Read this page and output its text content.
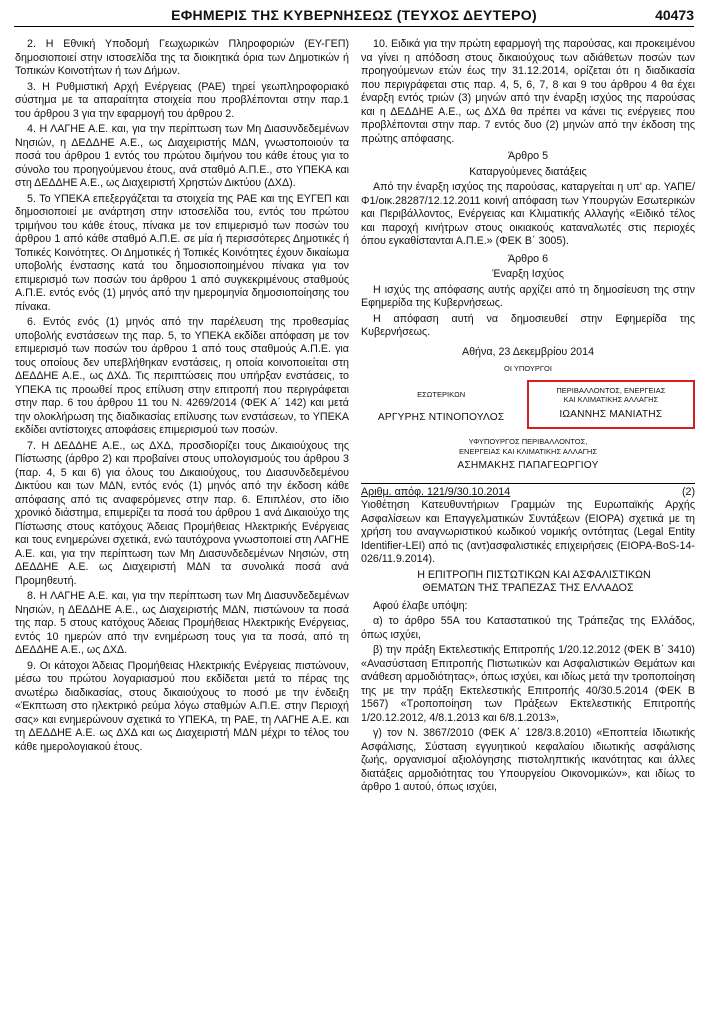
ΕΦΗΜΕΡΙΣ ΤΗΣ ΚΥΒΕΡΝΗΣΕΩΣ (ΤΕΥΧΟΣ ΔΕΥΤΕΡΟ)	40473

2. Η Εθνική Υποδομή Γεωχωρικών Πληροφοριών (ΕΥ-ΓΕΠ) δημοσιοποιεί στην ιστοσελίδα της τα διοικητικά όρια των Δημοτικών ή Τοπικών Κοινοτήτων ή των Δήμων.

3. Η Ρυθμιστική Αρχή Ενέργειας (ΡΑΕ) τηρεί γεωπληροφοριακό σύστημα με τα απαραίτητα στοιχεία που προβλέπονται στην παρ.1 του άρθρου 3 για την εφαρμογή του άρθρου 2.

4. Η ΛΑΓΗΕ Α.Ε. και, για την περίπτωση των Μη Διασυνδεδεμένων Νησιών, η ΔΕΔΔΗΕ Α.Ε., ως Διαχειριστής ΜΔΝ, γνωστοποιούν τα ποσά του άρθρου 1 εντός του πρώτου διμήνου του κάθε έτους για το σύνολο του προηγούμενου έτους, ανά σταθμό Α.Π.Ε., στο ΥΠΕΚΑ και στη ΔΕΔΔΗΕ Α.Ε., ως Διαχειριστή Χρηστών Δικτύου (ΔΧΔ).

5. Το ΥΠΕΚΑ επεξεργάζεται τα στοιχεία της ΡΑΕ και της ΕΥΓΕΠ και δημοσιοποιεί με ανάρτηση στην ιστοσελίδα του, εντός του πρώτου τριμήνου του κάθε έτους, πίνακα με τον επιμερισμό των ποσών του άρθρου 1 από κάθε σταθμό Α.Π.Ε. σε μία ή περισσότερες Δημοτικές ή Τοπικές Κοινότητες. Οι Δημοτικές ή Τοπικές Κοινότητες έχουν δικαίωμα υποβολής ένστασης κατά του δημοσιοποιημένου πίνακα για τον επιμερισμό των ποσών του άρθρου 1 από συγκεκριμένους σταθμούς Α.Π.Ε. εντός ενός (1) μηνός από την ημερομηνία δημοσιοποίησης του πίνακα.

6. Εντός ενός (1) μηνός από την παρέλευση της προθεσμίας υποβολής ενστάσεων της παρ. 5, το ΥΠΕΚΑ εκδίδει απόφαση με τον επιμερισμό των ποσών του άρθρου 1 από τους σταθμούς Α.Π.Ε. για τους οποίους δεν υπεβλήθηκαν ενστάσεις, η οποία κοινοποιείται στη ΔΕΔΔΗΕ Α.Ε., ως ΔΧΔ. Τις περιπτώσεις που υπήρξαν ενστάσεις, το ΥΠΕΚΑ τις προωθεί προς επίλυση στην επιτροπή που περιγράφεται στην παρ. 6 του άρθρου 11 του Ν. 4269/2014 (ΦΕΚ Α΄ 142) και μετά την ολοκλήρωση της διαδικασίας επίλυσης των ενστάσεων, το ΥΠΕΚΑ εκδίδει αντίστοιχες αποφάσεις επιμερισμού των ποσών.

7. Η ΔΕΔΔΗΕ Α.Ε., ως ΔΧΔ, προσδιορίζει τους Δικαιούχους της Πίστωσης (άρθρο 2) και προβαίνει στους υπολογισμούς του άρθρου 3 (παρ. 4, 5 και 6) για όλους του Δικαιούχους, του Διασυνδεδεμένου Δικτύου και των ΜΔΝ, εντός ενός (1) μηνός από την έκδοση κάθε απόφασης από τις αναφερόμενες στην παρ. 6. Επιπλέον, στο ίδιο χρονικό διάστημα, επιμερίζει τα ποσά του άρθρου 1 ανά Δικαιούχο της Πίστωσης στους κατόχους Άδειας Προμήθειας Ηλεκτρικής Ενέργειας και τους ενημερώνει σχετικά, ενώ ταυτόχρονα γνωστοποιεί στη ΛΑΓΗΕ Α.Ε. και, για την περίπτωση των Μη Διασυνδεδεμένων Νησιών, στη ΔΕΔΔΗΕ Α.Ε. ως Διαχειριστή ΜΔΝ τα συνολικά ποσά ανά Προμηθευτή.

8. Η ΛΑΓΗΕ Α.Ε. και, για την περίπτωση των Μη Διασυνδεδεμένων Νησιών, η ΔΕΔΔΗΕ Α.Ε., ως Διαχειριστής ΜΔΝ, πιστώνουν τα ποσά της παρ. 5 στους κατόχους Άδειας Προμήθειας Ηλεκτρικής Ενέργειας, εντός 10 ημερών από την ενημέρωση τους για τα ποσά, από τη ΔΕΔΔΗΕ Α.Ε., ως ΔΧΔ.

9. Οι κάτοχοι Άδειας Προμήθειας Ηλεκτρικής Ενέργειας πιστώνουν, μέσω του πρώτου λογαριασμού που εκδίδεται μετά το πέρας της ανωτέρω διαδικασίας, στους δικαιούχους το ποσό με την ένδειξη «Έκπτωση στο ηλεκτρικό ρεύμα λόγω σταθμών Α.Π.Ε. στην Περιοχή σας» και ενημερώνουν σχετικά το ΥΠΕΚΑ, τη ΡΑΕ, τη ΛΑΓΗΕ Α.Ε. και τη ΔΕΔΔΗΕ Α.Ε. ως ΔΧΔ και ως Διαχειριστή ΜΔΝ μέχρι το τέλος του κάθε ημερολογιακού έτους.

10. Ειδικά για την πρώτη εφαρμογή της παρούσας, και προκειμένου να γίνει η απόδοση στους δικαιούχους των αδιάθετων ποσών των προηγούμενων ετών έως την 31.12.2014, ορίζεται ότι η διαδικασία που περιγράφεται στις παρ. 4, 5, 6, 7, 8 και 9 του άρθρου 4 θα έχει έναρξη εντός τριών (3) μηνών από την έναρξη ισχύος της παρούσας και η ΔΕΔΔΗΕ Α.Ε., ως ΔΧΔ θα πρέπει να κάνει τις ενέργειες που προβλέπονται στην παρ. 7 εντός δυο (2) μηνών από την έκδοση της πρώτης απόφασης.

Άρθρο 5

Καταργούμενες διατάξεις

Από την έναρξη ισχύος της παρούσας, καταργείται η υπ' αρ. ΥΑΠΕ/Φ1/οικ.28287/12.12.2011 κοινή απόφαση των Υπουργών Εσωτερικών και Περιβάλλοντος, Ενέργειας και Κλιματικής Αλλαγής «Ειδικό τέλος και παροχή κινήτρων στους οικιακούς καταναλωτές στις περιοχές όπου εγκαθίστανται Α.Π.Ε.» (ΦΕΚ Β΄ 3005).

Άρθρο 6

Έναρξη Ισχύος

Η ισχύς της απόφασης αυτής αρχίζει από τη δημοσίευση της στην Εφημερίδα της Κυβερνήσεως.

Η απόφαση αυτή να δημοσιευθεί στην Εφημερίδα της Κυβερνήσεως.

Αθήνα, 23 Δεκεμβρίου 2014

ΟΙ ΥΠΟΥΡΓΟΙ

ΕΣΩΤΕΡΙΚΩΝ
ΑΡΓΥΡΗΣ ΝΤΙΝΟΠΟΥΛΟΣ
ΠΕΡΙΒΑΛΛΟΝΤΟΣ, ΕΝΕΡΓΕΙΑΣ
ΚΑΙ ΚΛΙΜΑΤΙΚΗΣ ΑΛΛΑΓΗΣ
ΙΩΑΝΝΗΣ ΜΑΝΙΑΤΗΣ
ΥΦΥΠΟΥΡΓΟΣ ΠΕΡΙΒΑΛΛΟΝΤΟΣ,
ΕΝΕΡΓΕΙΑΣ ΚΑΙ ΚΛΙΜΑΤΙΚΗΣ ΑΛΛΑΓΗΣ
ΑΣΗΜΑΚΗΣ ΠΑΠΑΓΕΩΡΓΙΟΥ
Αριθμ. απόφ. 121/9/30.10.2014	(2)

Υιοθέτηση Κατευθυντήριων Γραμμών της Ευρωπαϊκής Αρχής Ασφαλίσεων και Επαγγελματικών Συντάξεων (ΕΙΟΡΑ) σχετικά με τη χρήση του αναγνωριστικού κωδικού νομικής οντότητας (Legal Entity Identifier-LEI) από τις (αντ)ασφαλιστικές επιχειρήσεις (ΕΙΟΡΑ-BoS-14-026/11.9.2014).

Η ΕΠΙΤΡΟΠΗ ΠΙΣΤΩΤΙΚΩΝ ΚΑΙ ΑΣΦΑΛΙΣΤΙΚΩΝ

ΘΕΜΑΤΩΝ ΤΗΣ ΤΡΑΠΕΖΑΣ ΤΗΣ ΕΛΛΑΔΟΣ

Αφού έλαβε υπόψη:

α) το άρθρο 55Α του Καταστατικού της Τράπεζας της Ελλάδος, όπως ισχύει,

β) την πράξη Εκτελεστικής Επιτροπής 1/20.12.2012 (ΦΕΚ Β΄ 3410) «Ανασύσταση Επιτροπής Πιστωτικών και Ασφαλιστικών Θεμάτων και ανάθεση αρμοδιότητας», όπως ισχύει, και ιδίως μετά την τροποποίηση της με την πράξη Εκτελεστικής Επιτροπής 40/30.5.2014 (ΦΕΚ Β 1567) «Τροποποίηση των Πράξεων Εκτελεστικής Επιτροπής 1/20.12.2012, 4/8.1.2013 και 6/8.1.2013»,

γ) τον Ν. 3867/2010 (ΦΕΚ Α΄ 128/3.8.2010) «Εποπτεία Ιδιωτικής Ασφάλισης, Σύσταση εγγυητικού κεφαλαίου ιδιωτικής ασφάλισης ζωής, οργανισμοί αξιολόγησης πιστοληπτικής ικανότητας και άλλες διατάξεις αρμοδιότητας του Υπουργείου Οικονομικών», και ιδίως το άρθρο 1 αυτού, όπως ισχύει,
